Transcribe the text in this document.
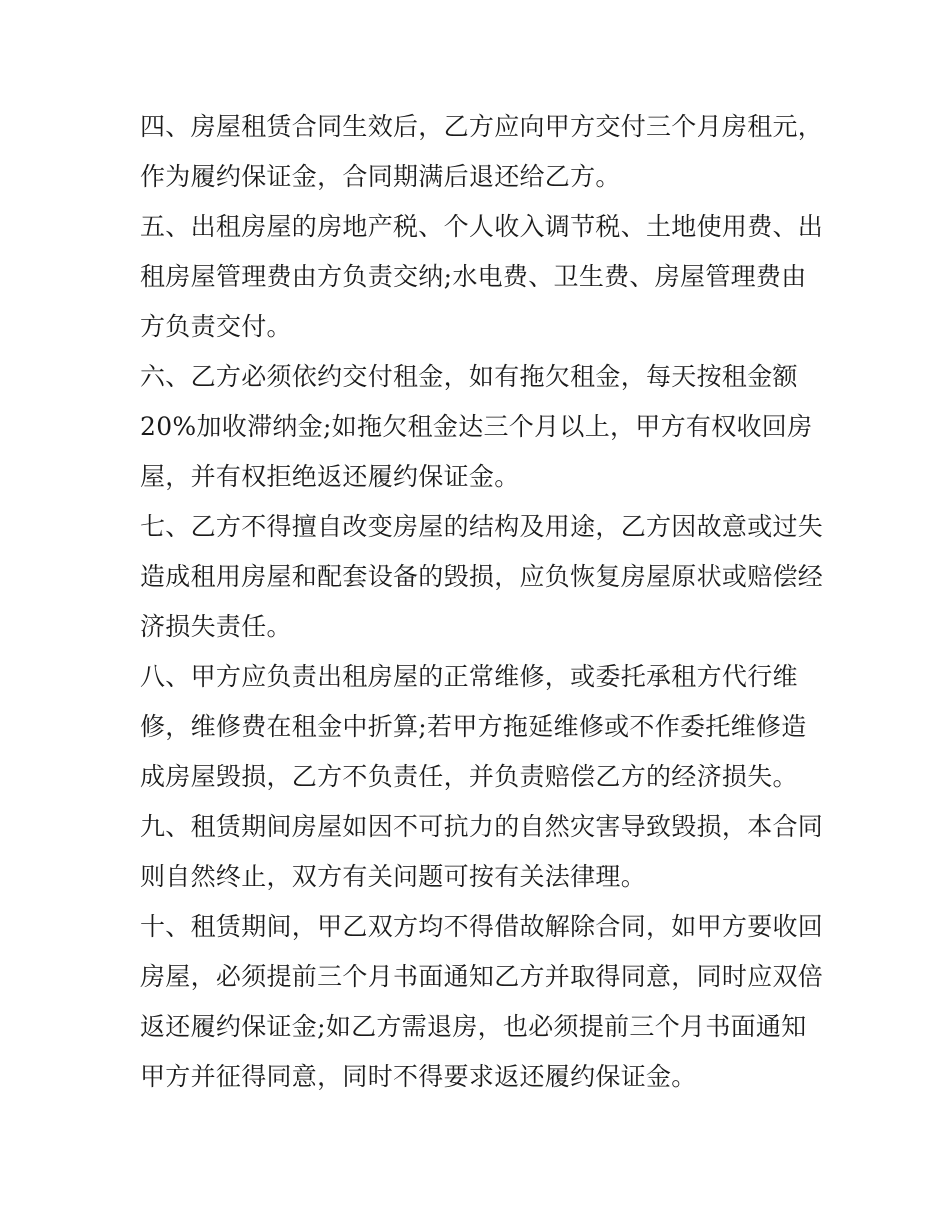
四、房屋租赁合同生效后，乙方应向甲方交付三个月房租元，
作为履约保证金，合同期满后退还给乙方。
五、出租房屋的房地产税、个人收入调节税、土地使用费、出
租房屋管理费由方负责交纳;水电费、卫生费、房屋管理费由
方负责交付。
六、乙方必须依约交付租金，如有拖欠租金，每天按租金额
20%加收滞纳金;如拖欠租金达三个月以上，甲方有权收回房
屋，并有权拒绝返还履约保证金。
七、乙方不得擅自改变房屋的结构及用途，乙方因故意或过失
造成租用房屋和配套设备的毁损，应负恢复房屋原状或赔偿经
济损失责任。
八、甲方应负责出租房屋的正常维修，或委托承租方代行维
修，维修费在租金中折算;若甲方拖延维修或不作委托维修造
成房屋毁损，乙方不负责任，并负责赔偿乙方的经济损失。
九、租赁期间房屋如因不可抗力的自然灾害导致毁损，本合同
则自然终止，双方有关问题可按有关法律理。
十、租赁期间，甲乙双方均不得借故解除合同，如甲方要收回
房屋，必须提前三个月书面通知乙方并取得同意，同时应双倍
返还履约保证金;如乙方需退房，也必须提前三个月书面通知
甲方并征得同意，同时不得要求返还履约保证金。
